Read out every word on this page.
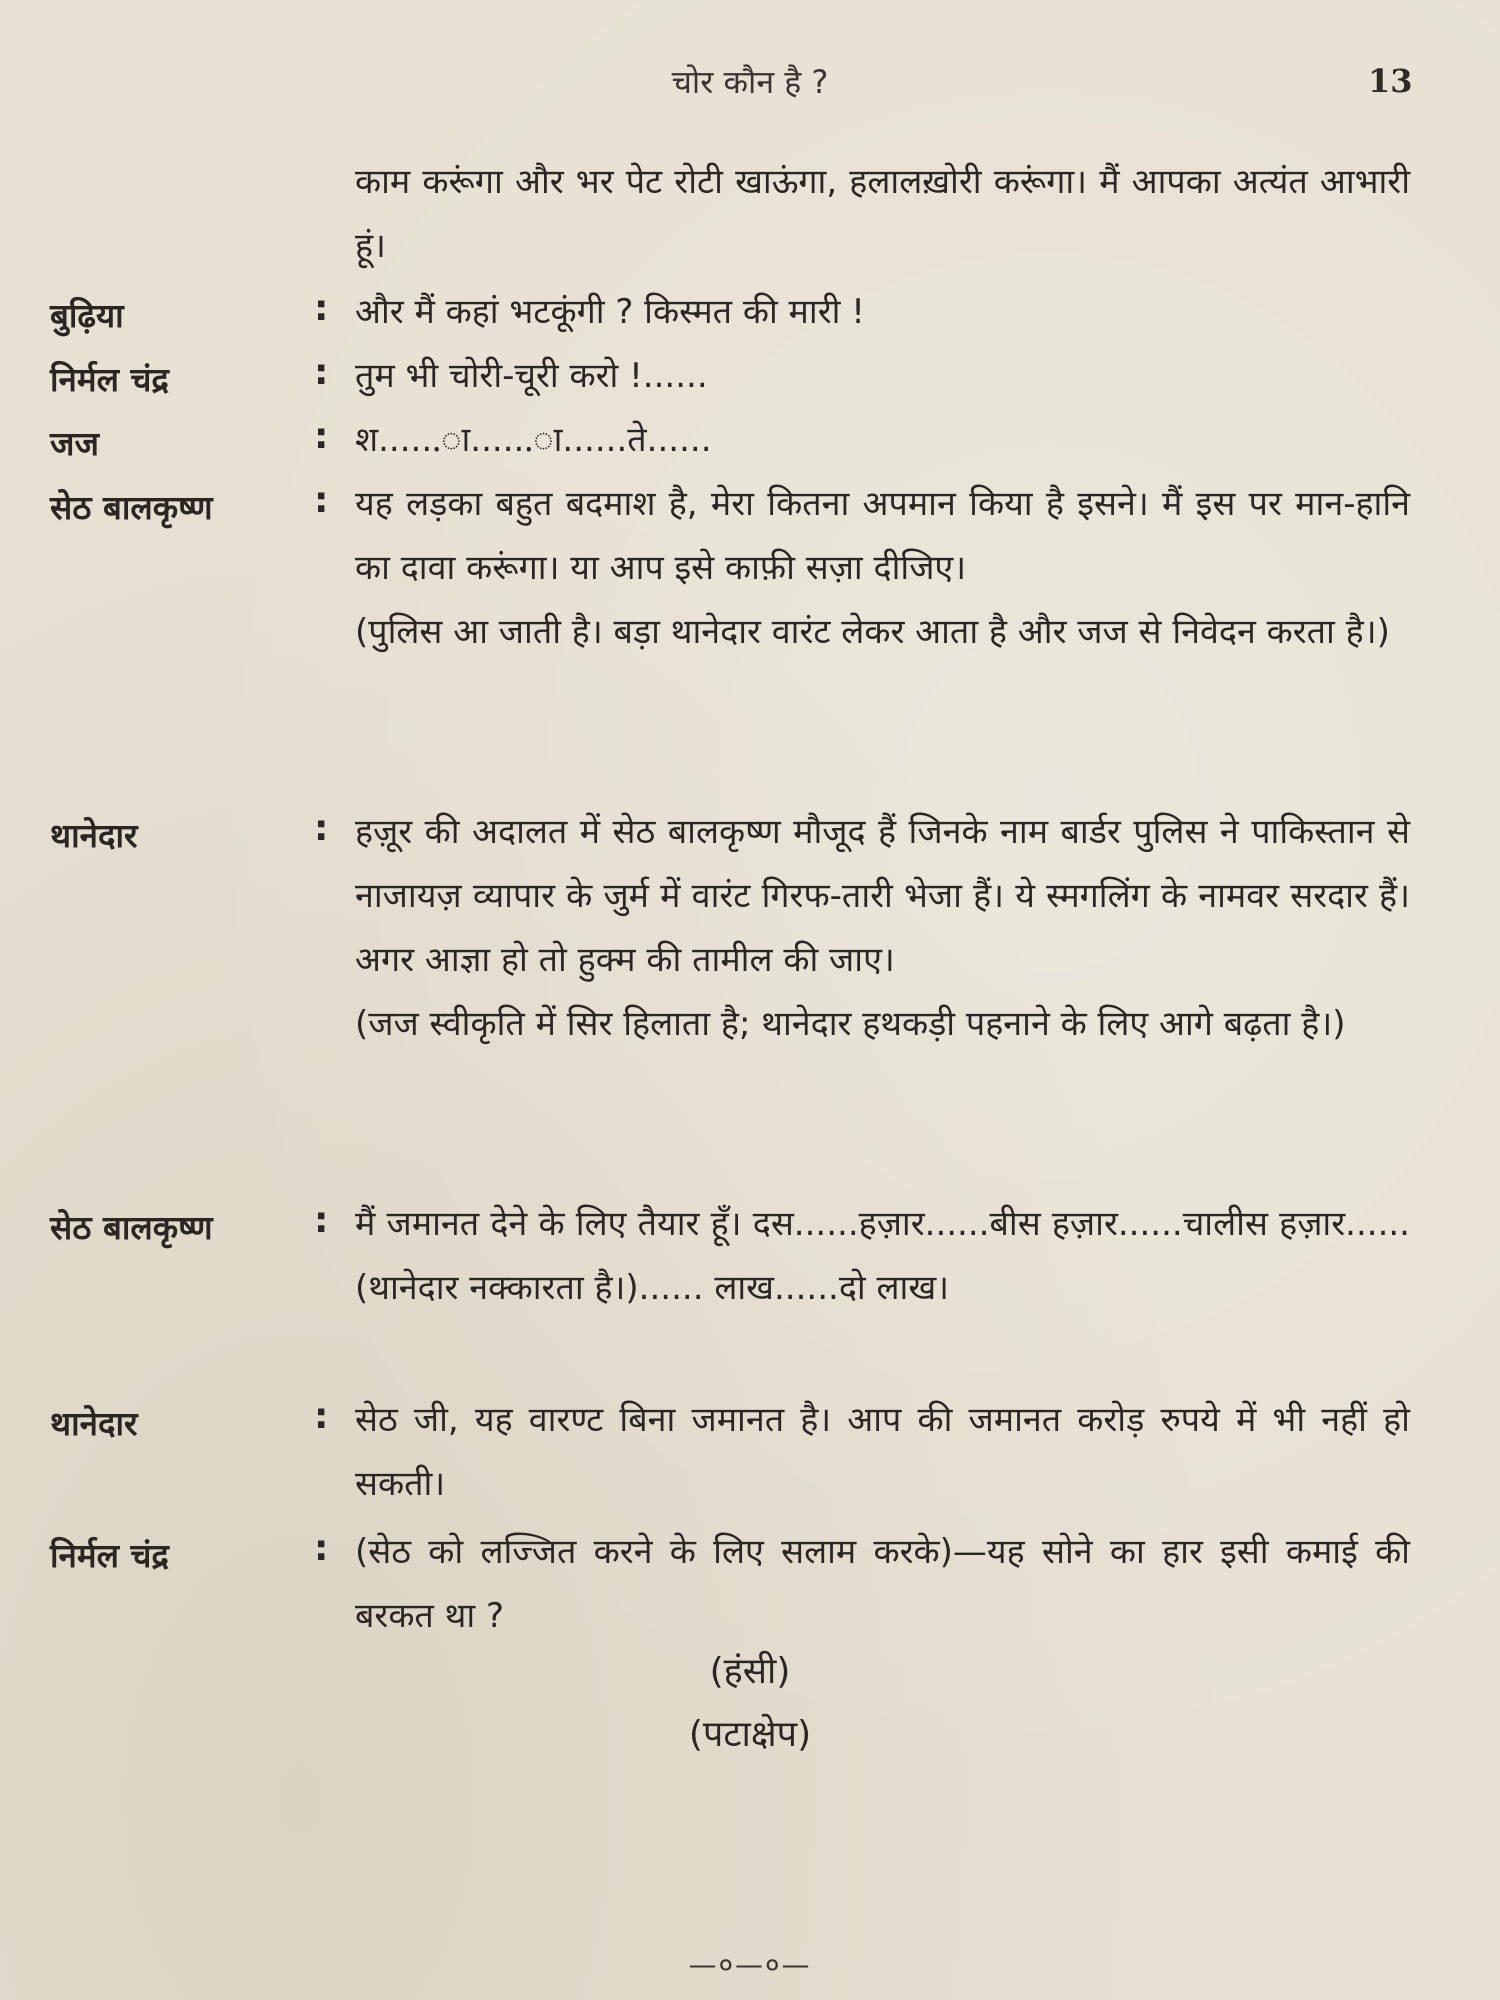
चोर कौन है ?	13

काम करूंगा और भर पेट रोटी खाऊंगा, हलालख़ोरी करूंगा। मैं आपका अत्यंत आभारी हूं।

बुढ़िया	: और मैं कहां भटकूंगी ? किस्मत की मारी !

निर्मल चंद्र	: तुम भी चोरी-चूरी करो !......

जज	: श......ा......ा......ते......

सेठ बालकृष्ण	: यह लड़का बहुत बदमाश है, मेरा कितना अपमान किया है इसने। मैं इस पर मान-हानि का दावा करूंगा। या आप इसे काफ़ी सज़ा दीजिए।

(पुलिस आ जाती है। बड़ा थानेदार वारंट लेकर आता है और जज से निवेदन करता है।)

थानेदार	: हज़ूर की अदालत में सेठ बालकृष्ण मौजूद हैं जिनके नाम बार्डर पुलिस ने पाकिस्तान से नाजायज़ व्यापार के जुर्म में वारंट गिरफ-तारी भेजा हैं। ये स्मगलिंग के नामवर सरदार हैं। अगर आज्ञा हो तो हुक्म की तामील की जाए।

(जज स्वीकृति में सिर हिलाता है; थानेदार हथकड़ी पहनाने के लिए आगे बढ़ता है।)

सेठ बालकृष्ण	: मैं जमानत देने के लिए तैयार हूँ। दस......हज़ार......बीस हज़ार......चालीस हज़ार......(थानेदार नक्कारता है।)...... लाख......दो लाख।

थानेदार	: सेठ जी, यह वारण्ट बिना जमानत है। आप की जमानत करोड़ रुपये में भी नहीं हो सकती।

निर्मल चंद्र	: (सेठ को लज्जित करने के लिए सलाम करके)—यह सोने का हार इसी कमाई की बरकत था ?

(हंसी)
(पटाक्षेप)
—०—०—
